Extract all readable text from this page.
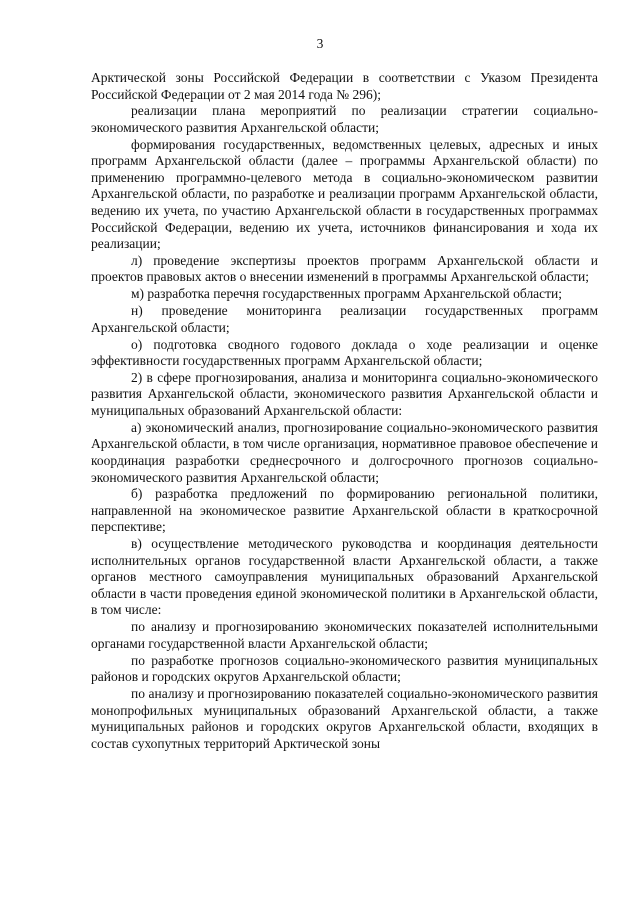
3

Арктической зоны Российской Федерации в соответствии с Указом Президента Российской Федерации от 2 мая 2014 года № 296);

реализации плана мероприятий по реализации стратегии социально-экономического развития Архангельской области;

формирования государственных, ведомственных целевых, адресных и иных программ Архангельской области (далее – программы Архангельской области) по применению программно-целевого метода в социально-экономическом развитии Архангельской области, по разработке и реализации программ Архангельской области, ведению их учета, по участию Архангельской области в государственных программах Российской Федерации, ведению их учета, источников финансирования и хода их реализации;

л) проведение экспертизы проектов программ Архангельской области и проектов правовых актов о внесении изменений в программы Архангельской области;

м) разработка перечня государственных программ Архангельской области;

н) проведение мониторинга реализации государственных программ Архангельской области;

о) подготовка сводного годового доклада о ходе реализации и оценке эффективности государственных программ Архангельской области;

2) в сфере прогнозирования, анализа и мониторинга социально-экономического развития Архангельской области, экономического развития Архангельской области и муниципальных образований Архангельской области:

а) экономический анализ, прогнозирование социально-экономического развития Архангельской области, в том числе организация, нормативное правовое обеспечение и координация разработки среднесрочного и долгосрочного прогнозов социально-экономического развития Архангельской области;

б) разработка предложений по формированию региональной политики, направленной на экономическое развитие Архангельской области в краткосрочной перспективе;

в) осуществление методического руководства и координация деятельности исполнительных органов государственной власти Архангельской области, а также органов местного самоуправления муниципальных образований Архангельской области в части проведения единой экономической политики в Архангельской области, в том числе:

по анализу и прогнозированию экономических показателей исполнительными органами государственной власти Архангельской области;

по разработке прогнозов социально-экономического развития муниципальных районов и городских округов Архангельской области;

по анализу и прогнозированию показателей социально-экономического развития монопрофильных муниципальных образований Архангельской области, а также муниципальных районов и городских округов Архангельской области, входящих в состав сухопутных территорий Арктической зоны
